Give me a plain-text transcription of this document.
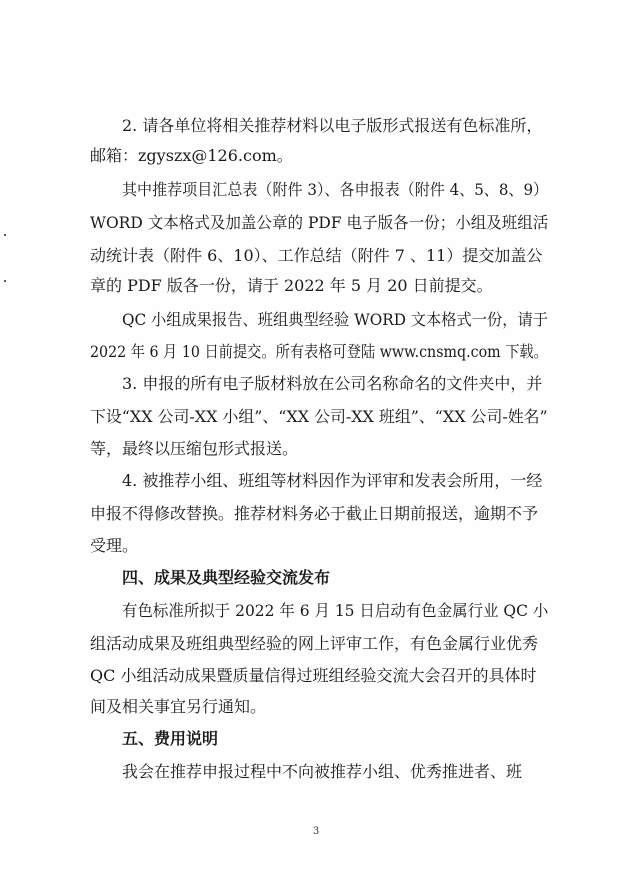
2. 请各单位将相关推荐材料以电子版形式报送有色标准所，
邮箱：zgyszx@126.com。
其中推荐项目汇总表（附件 3）、各申报表（附件 4、5、8、9）
WORD 文本格式及加盖公章的 PDF 电子版各一份；小组及班组活
动统计表（附件 6、10）、工作总结（附件 7 、11）提交加盖公
章的 PDF 版各一份，请于 2022 年 5 月 20 日前提交。
QC 小组成果报告、班组典型经验 WORD 文本格式一份，请于
2022 年 6 月 10 日前提交。所有表格可登陆 www.cnsmq.com 下载。
3. 申报的所有电子版材料放在公司名称命名的文件夹中，并
下设“XX 公司-XX 小组”、“XX 公司-XX 班组”、“XX 公司-姓名”
等，最终以压缩包形式报送。
4. 被推荐小组、班组等材料因作为评审和发表会所用，一经
申报不得修改替换。推荐材料务必于截止日期前报送，逾期不予
受理。
四、成果及典型经验交流发布
有色标准所拟于 2022 年 6 月 15 日启动有色金属行业 QC 小
组活动成果及班组典型经验的网上评审工作，有色金属行业优秀
QC 小组活动成果暨质量信得过班组经验交流大会召开的具体时
间及相关事宜另行通知。
五、费用说明
我会在推荐申报过程中不向被推荐小组、优秀推进者、班
3
